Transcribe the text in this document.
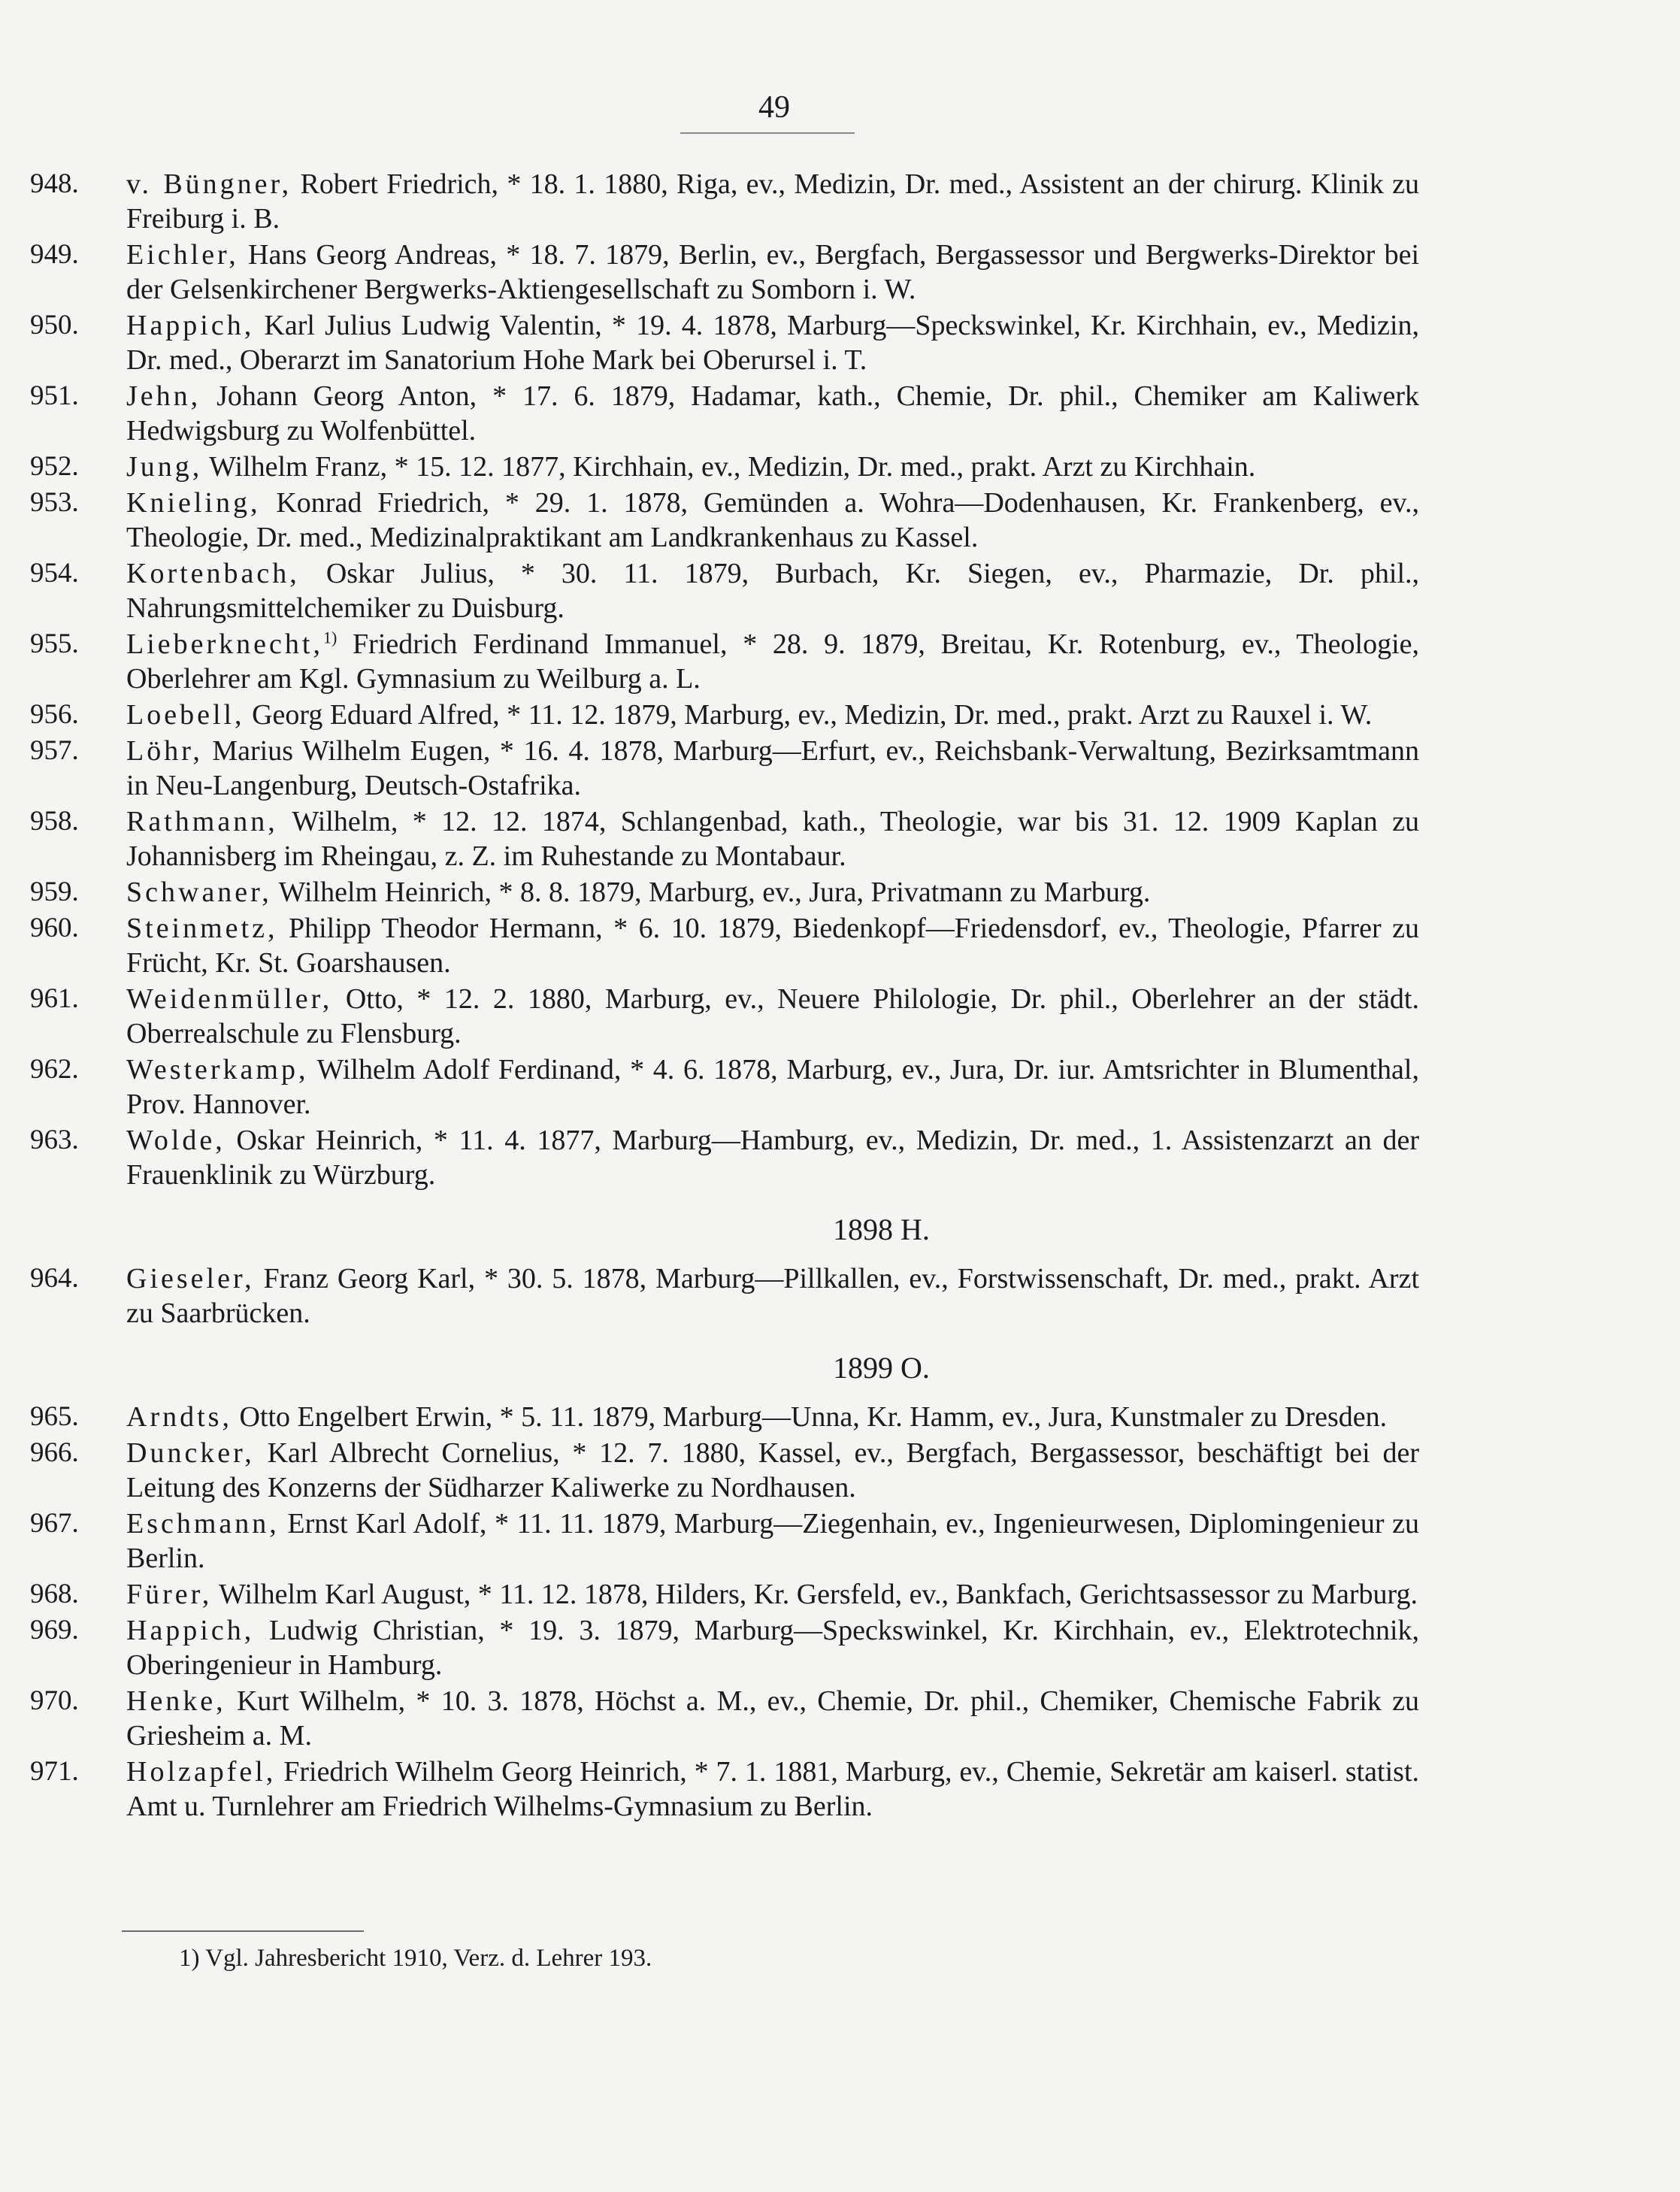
49
948. v. Büngner, Robert Friedrich, * 18. 1. 1880, Riga, ev., Medizin, Dr. med., Assistent an der chirurg. Klinik zu Freiburg i. B.
949. Eichler, Hans Georg Andreas, * 18. 7. 1879, Berlin, ev., Bergfach, Bergassessor und Bergwerks-Direktor bei der Gelsenkirchener Bergwerks-Aktiengesellschaft zu Somborn i. W.
950. Happich, Karl Julius Ludwig Valentin, * 19. 4. 1878, Marburg—Speckswinkel, Kr. Kirchhain, ev., Medizin, Dr. med., Oberarzt im Sanatorium Hohe Mark bei Oberursel i. T.
951. Jehn, Johann Georg Anton, * 17. 6. 1879, Hadamar, kath., Chemie, Dr. phil., Chemiker am Kaliwerk Hedwigsburg zu Wolfenbüttel.
952. Jung, Wilhelm Franz, * 15. 12. 1877, Kirchhain, ev., Medizin, Dr. med., prakt. Arzt zu Kirchhain.
953. Knieling, Konrad Friedrich, * 29. 1. 1878, Gemünden a. Wohra—Dodenhausen, Kr. Frankenberg, ev., Theologie, Dr. med., Medizinalpraktikant am Landkrankenhaus zu Kassel.
954. Kortenbach, Oskar Julius, * 30. 11. 1879, Burbach, Kr. Siegen, ev., Pharmazie, Dr. phil., Nahrungsmittelchemiker zu Duisburg.
955. Lieberknecht,$^{1)}$ Friedrich Ferdinand Immanuel, * 28. 9. 1879, Breitau, Kr. Rotenburg, ev., Theologie, Oberlehrer am Kgl. Gymnasium zu Weilburg a. L.
956. Loebell, Georg Eduard Alfred, * 11. 12. 1879, Marburg, ev., Medizin, Dr. med., prakt. Arzt zu Rauxel i. W.
957. Löhr, Marius Wilhelm Eugen, * 16. 4. 1878, Marburg—Erfurt, ev., Reichsbank-Verwaltung, Bezirksamtmann in Neu-Langenburg, Deutsch-Ostafrika.
958. Rathmann, Wilhelm, * 12. 12. 1874, Schlangenbad, kath., Theologie, war bis 31. 12. 1909 Kaplan zu Johannisberg im Rheingau, z. Z. im Ruhestande zu Montabaur.
959. Schwaner, Wilhelm Heinrich, * 8. 8. 1879, Marburg, ev., Jura, Privatmann zu Marburg.
960. Steinmetz, Philipp Theodor Hermann, * 6. 10. 1879, Biedenkopf—Friedensdorf, ev., Theologie, Pfarrer zu Frücht, Kr. St. Goarshausen.
961. Weidenmüller, Otto, * 12. 2. 1880, Marburg, ev., Neuere Philologie, Dr. phil., Oberlehrer an der städt. Oberrealschule zu Flensburg.
962. Westerkamp, Wilhelm Adolf Ferdinand, * 4. 6. 1878, Marburg, ev., Jura, Dr. iur. Amtsrichter in Blumenthal, Prov. Hannover.
963. Wolde, Oskar Heinrich, * 11. 4. 1877, Marburg—Hamburg, ev., Medizin, Dr. med., 1. Assistenzarzt an der Frauenklinik zu Würzburg.
1898 H.
964. Gieseler, Franz Georg Karl, * 30. 5. 1878, Marburg—Pillkallen, ev., Forstwissenschaft, Dr. med., prakt. Arzt zu Saarbrücken.
1899 O.
965. Arndts, Otto Engelbert Erwin, * 5. 11. 1879, Marburg—Unna, Kr. Hamm, ev., Jura, Kunstmaler zu Dresden.
966. Duncker, Karl Albrecht Cornelius, * 12. 7. 1880, Kassel, ev., Bergfach, Bergassessor, beschäftigt bei der Leitung des Konzerns der Südharzer Kaliwerke zu Nordhausen.
967. Eschmann, Ernst Karl Adolf, * 11. 11. 1879, Marburg—Ziegenhain, ev., Ingenieurwesen, Diplomingenieur zu Berlin.
968. Fürer, Wilhelm Karl August, * 11. 12. 1878, Hilders, Kr. Gersfeld, ev., Bankfach, Gerichtsassessor zu Marburg.
969. Happich, Ludwig Christian, * 19. 3. 1879, Marburg—Speckswinkel, Kr. Kirchhain, ev., Elektrotechnik, Oberingenieur in Hamburg.
970. Henke, Kurt Wilhelm, * 10. 3. 1878, Höchst a. M., ev., Chemie, Dr. phil., Chemiker, Chemische Fabrik zu Griesheim a. M.
971. Holzapfel, Friedrich Wilhelm Georg Heinrich, * 7. 1. 1881, Marburg, ev., Chemie, Sekretär am kaiserl. statist. Amt u. Turnlehrer am Friedrich Wilhelms-Gymnasium zu Berlin.
1) Vgl. Jahresbericht 1910, Verz. d. Lehrer 193.
